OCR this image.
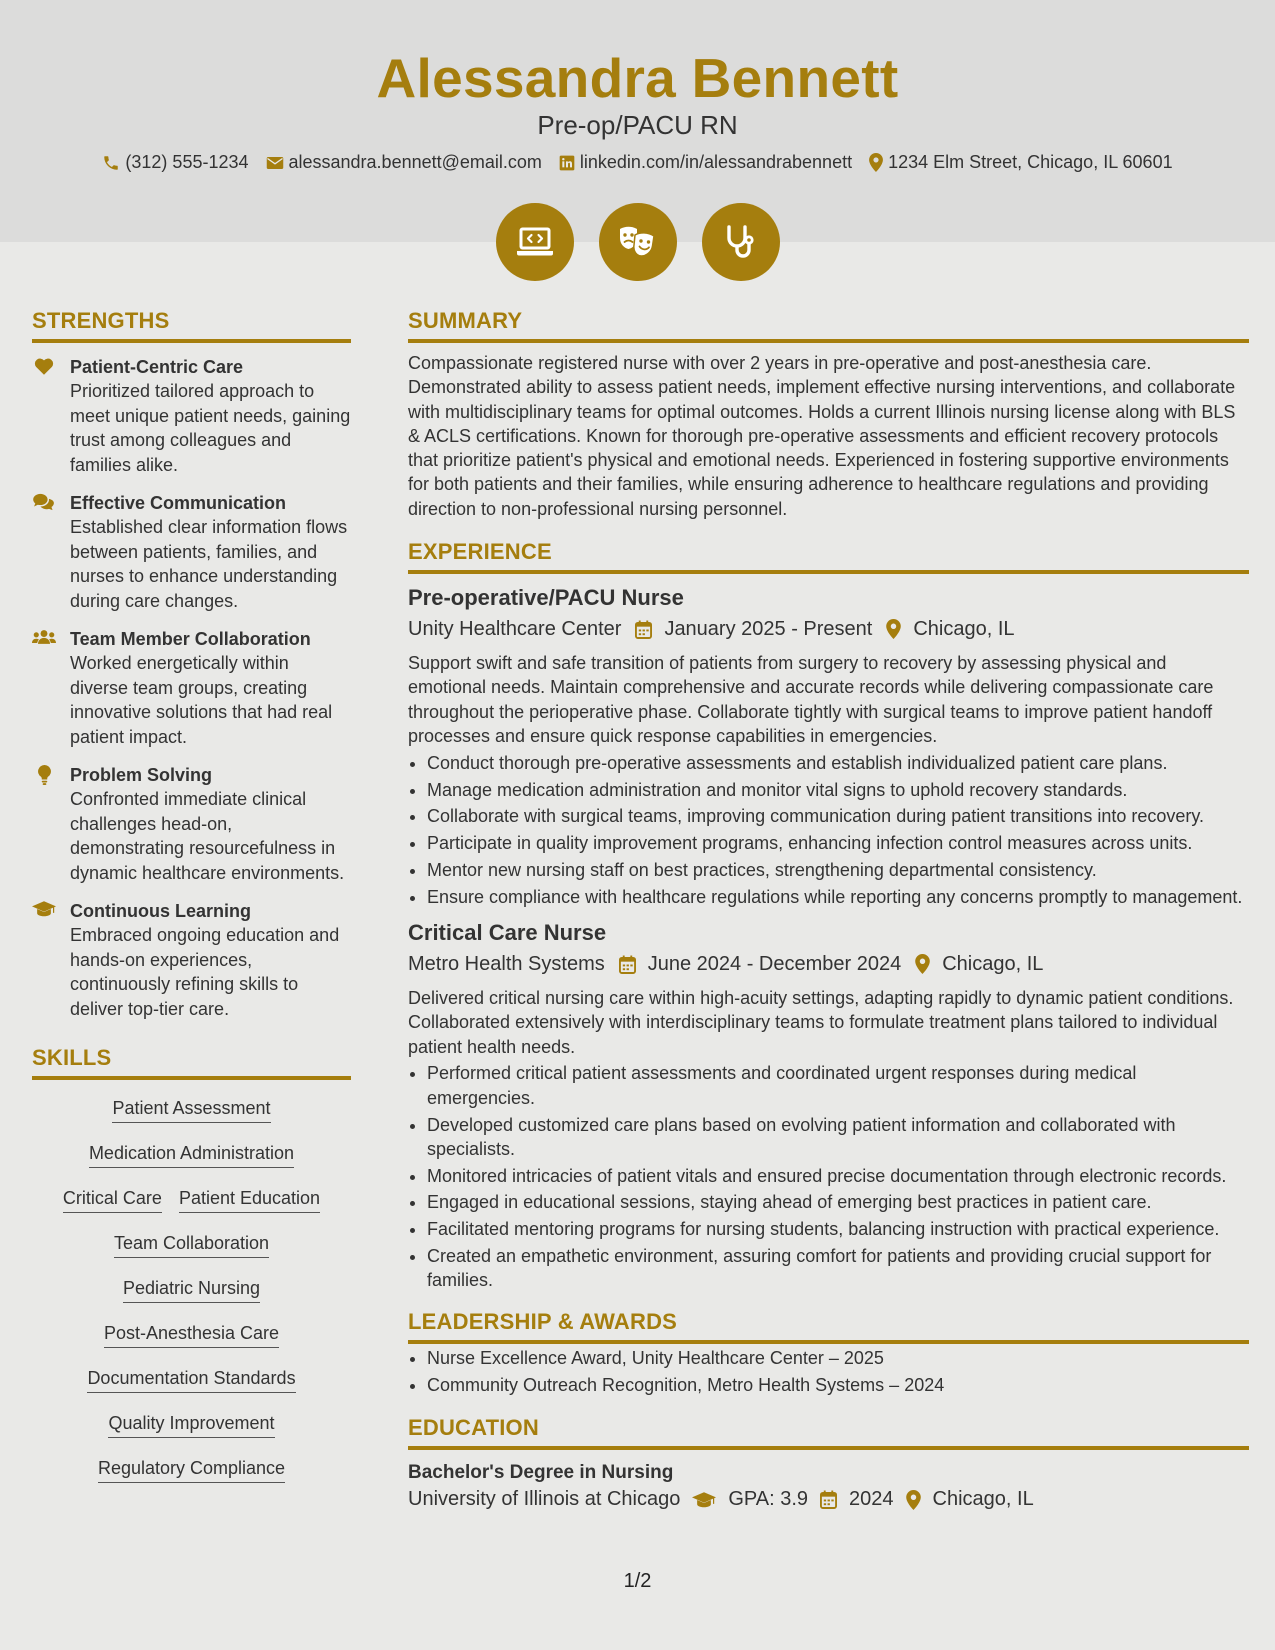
Alessandra Bennett
Pre-op/PACU RN
(312) 555-1234 alessandra.bennett@email.com linkedin.com/in/alessandrabennett 1234 Elm Street, Chicago, IL 60601
STRENGTHS
Patient-Centric Care
Prioritized tailored approach to meet unique patient needs, gaining trust among colleagues and families alike.
Effective Communication
Established clear information flows between patients, families, and nurses to enhance understanding during care changes.
Team Member Collaboration
Worked energetically within diverse team groups, creating innovative solutions that had real patient impact.
Problem Solving
Confronted immediate clinical challenges head-on, demonstrating resourcefulness in dynamic healthcare environments.
Continuous Learning
Embraced ongoing education and hands-on experiences, continuously refining skills to deliver top-tier care.
SKILLS
Patient Assessment
Medication Administration
Critical Care Patient Education
Team Collaboration
Pediatric Nursing
Post-Anesthesia Care
Documentation Standards
Quality Improvement
Regulatory Compliance
SUMMARY

Compassionate registered nurse with over 2 years in pre-operative and post-anesthesia care. Demonstrated ability to assess patient needs, implement effective nursing interventions, and collaborate with multidisciplinary teams for optimal outcomes. Holds a current Illinois nursing license along with BLS & ACLS certifications. Known for thorough pre-operative assessments and efficient recovery protocols that prioritize patient's physical and emotional needs. Experienced in fostering supportive environments for both patients and their families, while ensuring adherence to healthcare regulations and providing direction to non-professional nursing personnel.

EXPERIENCE
Pre-operative/PACU Nurse
Unity Healthcare Center January 2025 - Present Chicago, IL

Support swift and safe transition of patients from surgery to recovery by assessing physical and emotional needs. Maintain comprehensive and accurate records while delivering compassionate care throughout the perioperative phase. Collaborate tightly with surgical teams to improve patient handoff processes and ensure quick response capabilities in emergencies.

• Conduct thorough pre-operative assessments and establish individualized patient care plans.
• Manage medication administration and monitor vital signs to uphold recovery standards.
• Collaborate with surgical teams, improving communication during patient transitions into recovery.
• Participate in quality improvement programs, enhancing infection control measures across units.
• Mentor new nursing staff on best practices, strengthening departmental consistency.
• Ensure compliance with healthcare regulations while reporting any concerns promptly to management.
Critical Care Nurse
Metro Health Systems June 2024 - December 2024 Chicago, IL

Delivered critical nursing care within high-acuity settings, adapting rapidly to dynamic patient conditions. Collaborated extensively with interdisciplinary teams to formulate treatment plans tailored to individual patient health needs.

• Performed critical patient assessments and coordinated urgent responses during medical emergencies.
• Developed customized care plans based on evolving patient information and collaborated with specialists.
• Monitored intricacies of patient vitals and ensured precise documentation through electronic records.
• Engaged in educational sessions, staying ahead of emerging best practices in patient care.
• Facilitated mentoring programs for nursing students, balancing instruction with practical experience.
• Created an empathetic environment, assuring comfort for patients and providing crucial support for families.
LEADERSHIP & AWARDS
• Nurse Excellence Award, Unity Healthcare Center – 2025
• Community Outreach Recognition, Metro Health Systems – 2024
EDUCATION
Bachelor's Degree in Nursing
University of Illinois at Chicago GPA: 3.9 2024 Chicago, IL
1/2
